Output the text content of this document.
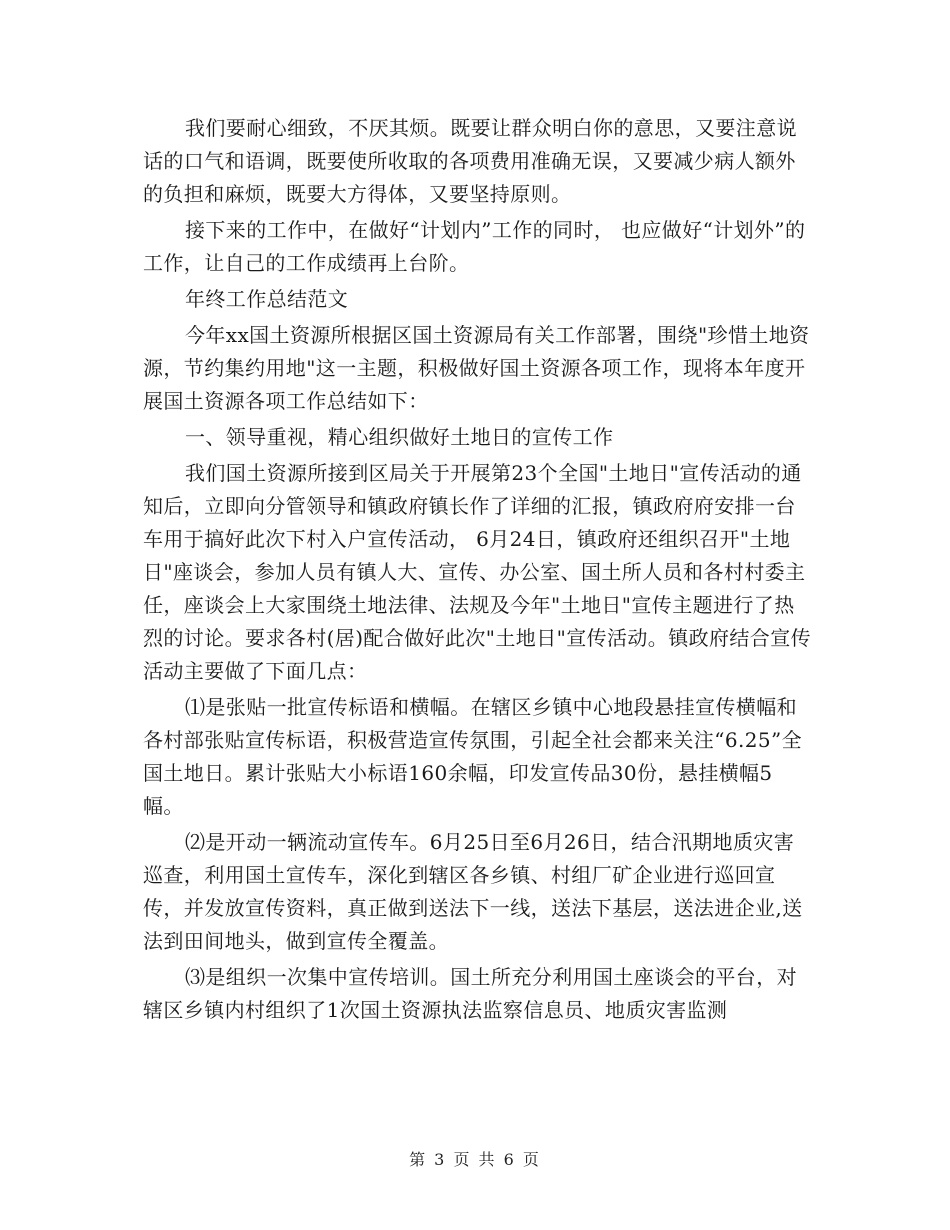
我们要耐心细致，不厌其烦。既要让群众明白你的意思，又要注意说话的口气和语调，既要使所收取的各项费用准确无误，又要减少病人额外的负担和麻烦，既要大方得体，又要坚持原则。

接下来的工作中，在做好“计划内”工作的同时， 也应做好“计划外”的工作，让自己的工作成绩再上台阶。

年终工作总结范文

今年xx国土资源所根据区国土资源局有关工作部署，围绕"珍惜土地资源，节约集约用地"这一主题，积极做好国土资源各项工作，现将本年度开展国土资源各项工作总结如下：

一、领导重视，精心组织做好土地日的宣传工作

我们国土资源所接到区局关于开展第23个全国"土地日"宣传活动的通知后，立即向分管领导和镇政府镇长作了详细的汇报，镇政府府安排一台车用于搞好此次下村入户宣传活动， 6月24日，镇政府还组织召开"土地日"座谈会，参加人员有镇人大、宣传、办公室、国土所人员和各村村委主任，座谈会上大家围绕土地法律、法规及今年"土地日"宣传主题进行了热烈的讨论。要求各村(居)配合做好此次"土地日"宣传活动。镇政府结合宣传活动主要做了下面几点：

⑴是张贴一批宣传标语和横幅。在辖区乡镇中心地段悬挂宣传横幅和各村部张贴宣传标语，积极营造宣传氛围，引起全社会都来关注“6.25”全国土地日。累计张贴大小标语160余幅，印发宣传品30份，悬挂横幅5幅。

⑵是开动一辆流动宣传车。6月25日至6月26日，结合汛期地质灾害巡查，利用国土宣传车，深化到辖区各乡镇、村组厂矿企业进行巡回宣传，并发放宣传资料，真正做到送法下一线，送法下基层，送法进企业,送法到田间地头，做到宣传全覆盖。

⑶是组织一次集中宣传培训。国土所充分利用国土座谈会的平台，对辖区乡镇内村组织了1次国土资源执法监察信息员、地质灾害监测

第 3 页 共 6 页
